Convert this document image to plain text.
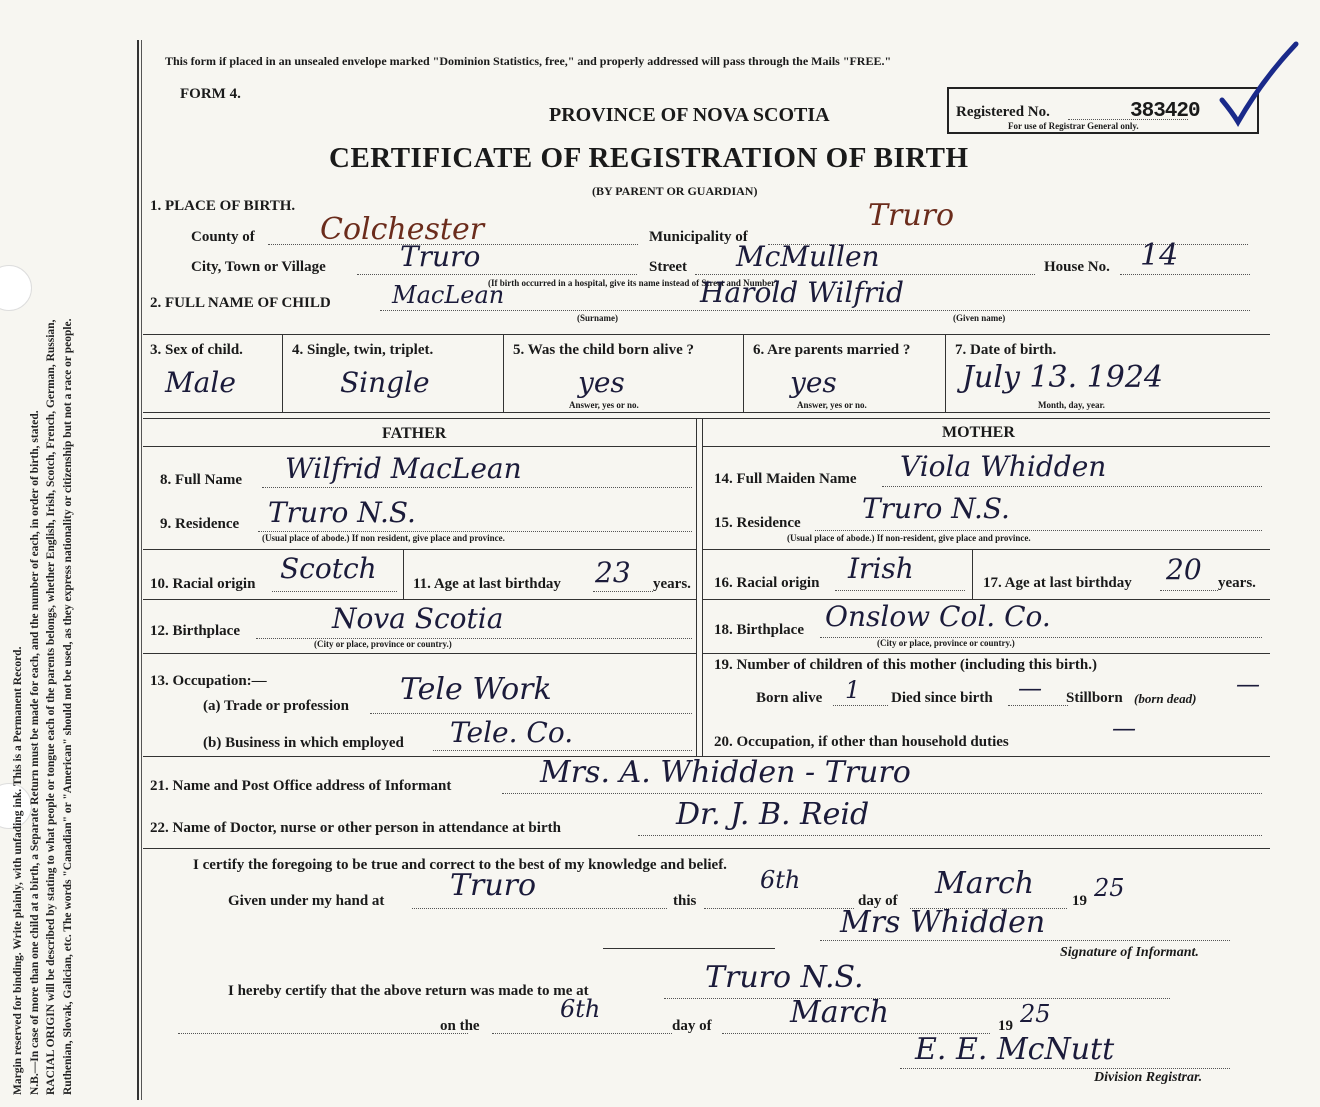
Margin reserved for binding. Write plainly, with unfading ink. This is a Permanent Record. N.B.—In case of more than one child at a birth, a Separate Return must be made for each, and the number of each, in order of birth, stated. RACIAL ORIGIN will be described by stating to what people or tongue each of the parents belongs, whether English, Irish, Scotch, French, German, Russian, Ruthenian, Slovak, Galician, etc. The words "Canadian" or "American" should not be used, as they express nationality or citizenship but not a race or people.
This form if placed in an unsealed envelope marked "Dominion Statistics, free," and properly addressed will pass through the Mails "FREE."
FORM 4.
PROVINCE OF NOVA SCOTIA	Registered No.	383420
For use of Registrar General only.
CERTIFICATE OF REGISTRATION OF BIRTH
(BY PARENT OR GUARDIAN)
1. PLACE OF BIRTH.
County of Colchester	Municipality of
Truro
City, Town or Village	Truro	Street McMullen	House No. 14
(If birth occurred in a hospital, give its name instead of Street and Number)
2. FULL NAME OF CHILD	MacLean	Harold Wilfrid
(Surname)	(Given name)
3. Sex of child.
Male
4. Single, twin, triplet.
Single
5. Was the child born alive ?
yes
Answer, yes or no.
6. Are parents married ?
yes
Answer, yes or no.
7. Date of birth.
July 13. 1924
Month, day, year.
FATHER	MOTHER
8. Full Name Wilfrid MacLean
9. Residence Truro N.S.
(Usual place of abode.) If non resident, give place and province.
10. Racial origin Scotch 11. Age at last birthday 23 years.
12. Birthplace	Nova Scotia
(City or place, province or country.)
13. Occupation:—
(a) Trade or profession Tele Work
(b) Business in which employed Tele. Co.
14. Full Maiden Name Viola Whidden
15. Residence Truro N.S.
(Usual place of abode.) If non-resident, give place and province.
16. Racial origin Irish	17. Age at last birthday 20 years.
18. Birthplace Onslow Col. Co.
(City or place, province or country.)
19. Number of children of this mother (including this birth.)
Born alive 1 Died since birth — Stillborn (born dead)
—
20. Occupation, if other than household duties	—
21. Name and Post Office address of Informant	Mrs. A. Whidden - Truro
22. Name of Doctor, nurse or other person in attendance at birth	Dr. J. B. Reid
I certify the foregoing to be true and correct to the best of my knowledge and belief.
Given under my hand at Truro	this
6th
day of March	19 25
Mrs Whidden
Signature of Informant.
I hereby certify that the above return was made to me at	Truro N.S.
on the
6th
day of	March	19 25
E. E. McNutt
Division Registrar.
